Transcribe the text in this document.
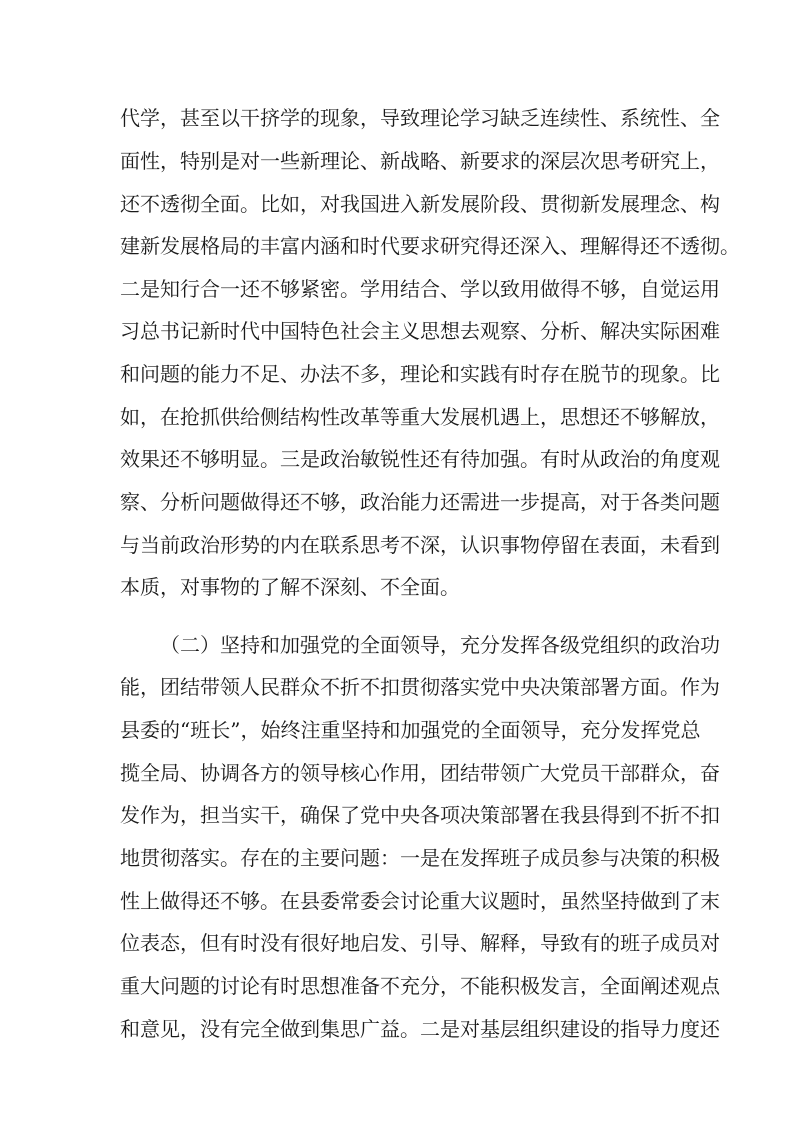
代学，甚至以干挤学的现象，导致理论学习缺乏连续性、系统性、全
面性，特别是对一些新理论、新战略、新要求的深层次思考研究上，
还不透彻全面。比如，对我国进入新发展阶段、贯彻新发展理念、构
建新发展格局的丰富内涵和时代要求研究得还深入、理解得还不透彻。
二是知行合一还不够紧密。学用结合、学以致用做得不够，自觉运用
习总书记新时代中国特色社会主义思想去观察、分析、解决实际困难
和问题的能力不足、办法不多，理论和实践有时存在脱节的现象。比
如，在抢抓供给侧结构性改革等重大发展机遇上，思想还不够解放，
效果还不够明显。三是政治敏锐性还有待加强。有时从政治的角度观
察、分析问题做得还不够，政治能力还需进一步提高，对于各类问题
与当前政治形势的内在联系思考不深，认识事物停留在表面，未看到
本质，对事物的了解不深刻、不全面。
（二）坚持和加强党的全面领导，充分发挥各级党组织的政治功
能，团结带领人民群众不折不扣贯彻落实党中央决策部署方面。作为
县委的“班长”，始终注重坚持和加强党的全面领导，充分发挥党总
揽全局、协调各方的领导核心作用，团结带领广大党员干部群众，奋
发作为，担当实干，确保了党中央各项决策部署在我县得到不折不扣
地贯彻落实。存在的主要问题：一是在发挥班子成员参与决策的积极
性上做得还不够。在县委常委会讨论重大议题时，虽然坚持做到了末
位表态，但有时没有很好地启发、引导、解释，导致有的班子成员对
重大问题的讨论有时思想准备不充分，不能积极发言，全面阐述观点
和意见，没有完全做到集思广益。二是对基层组织建设的指导力度还
